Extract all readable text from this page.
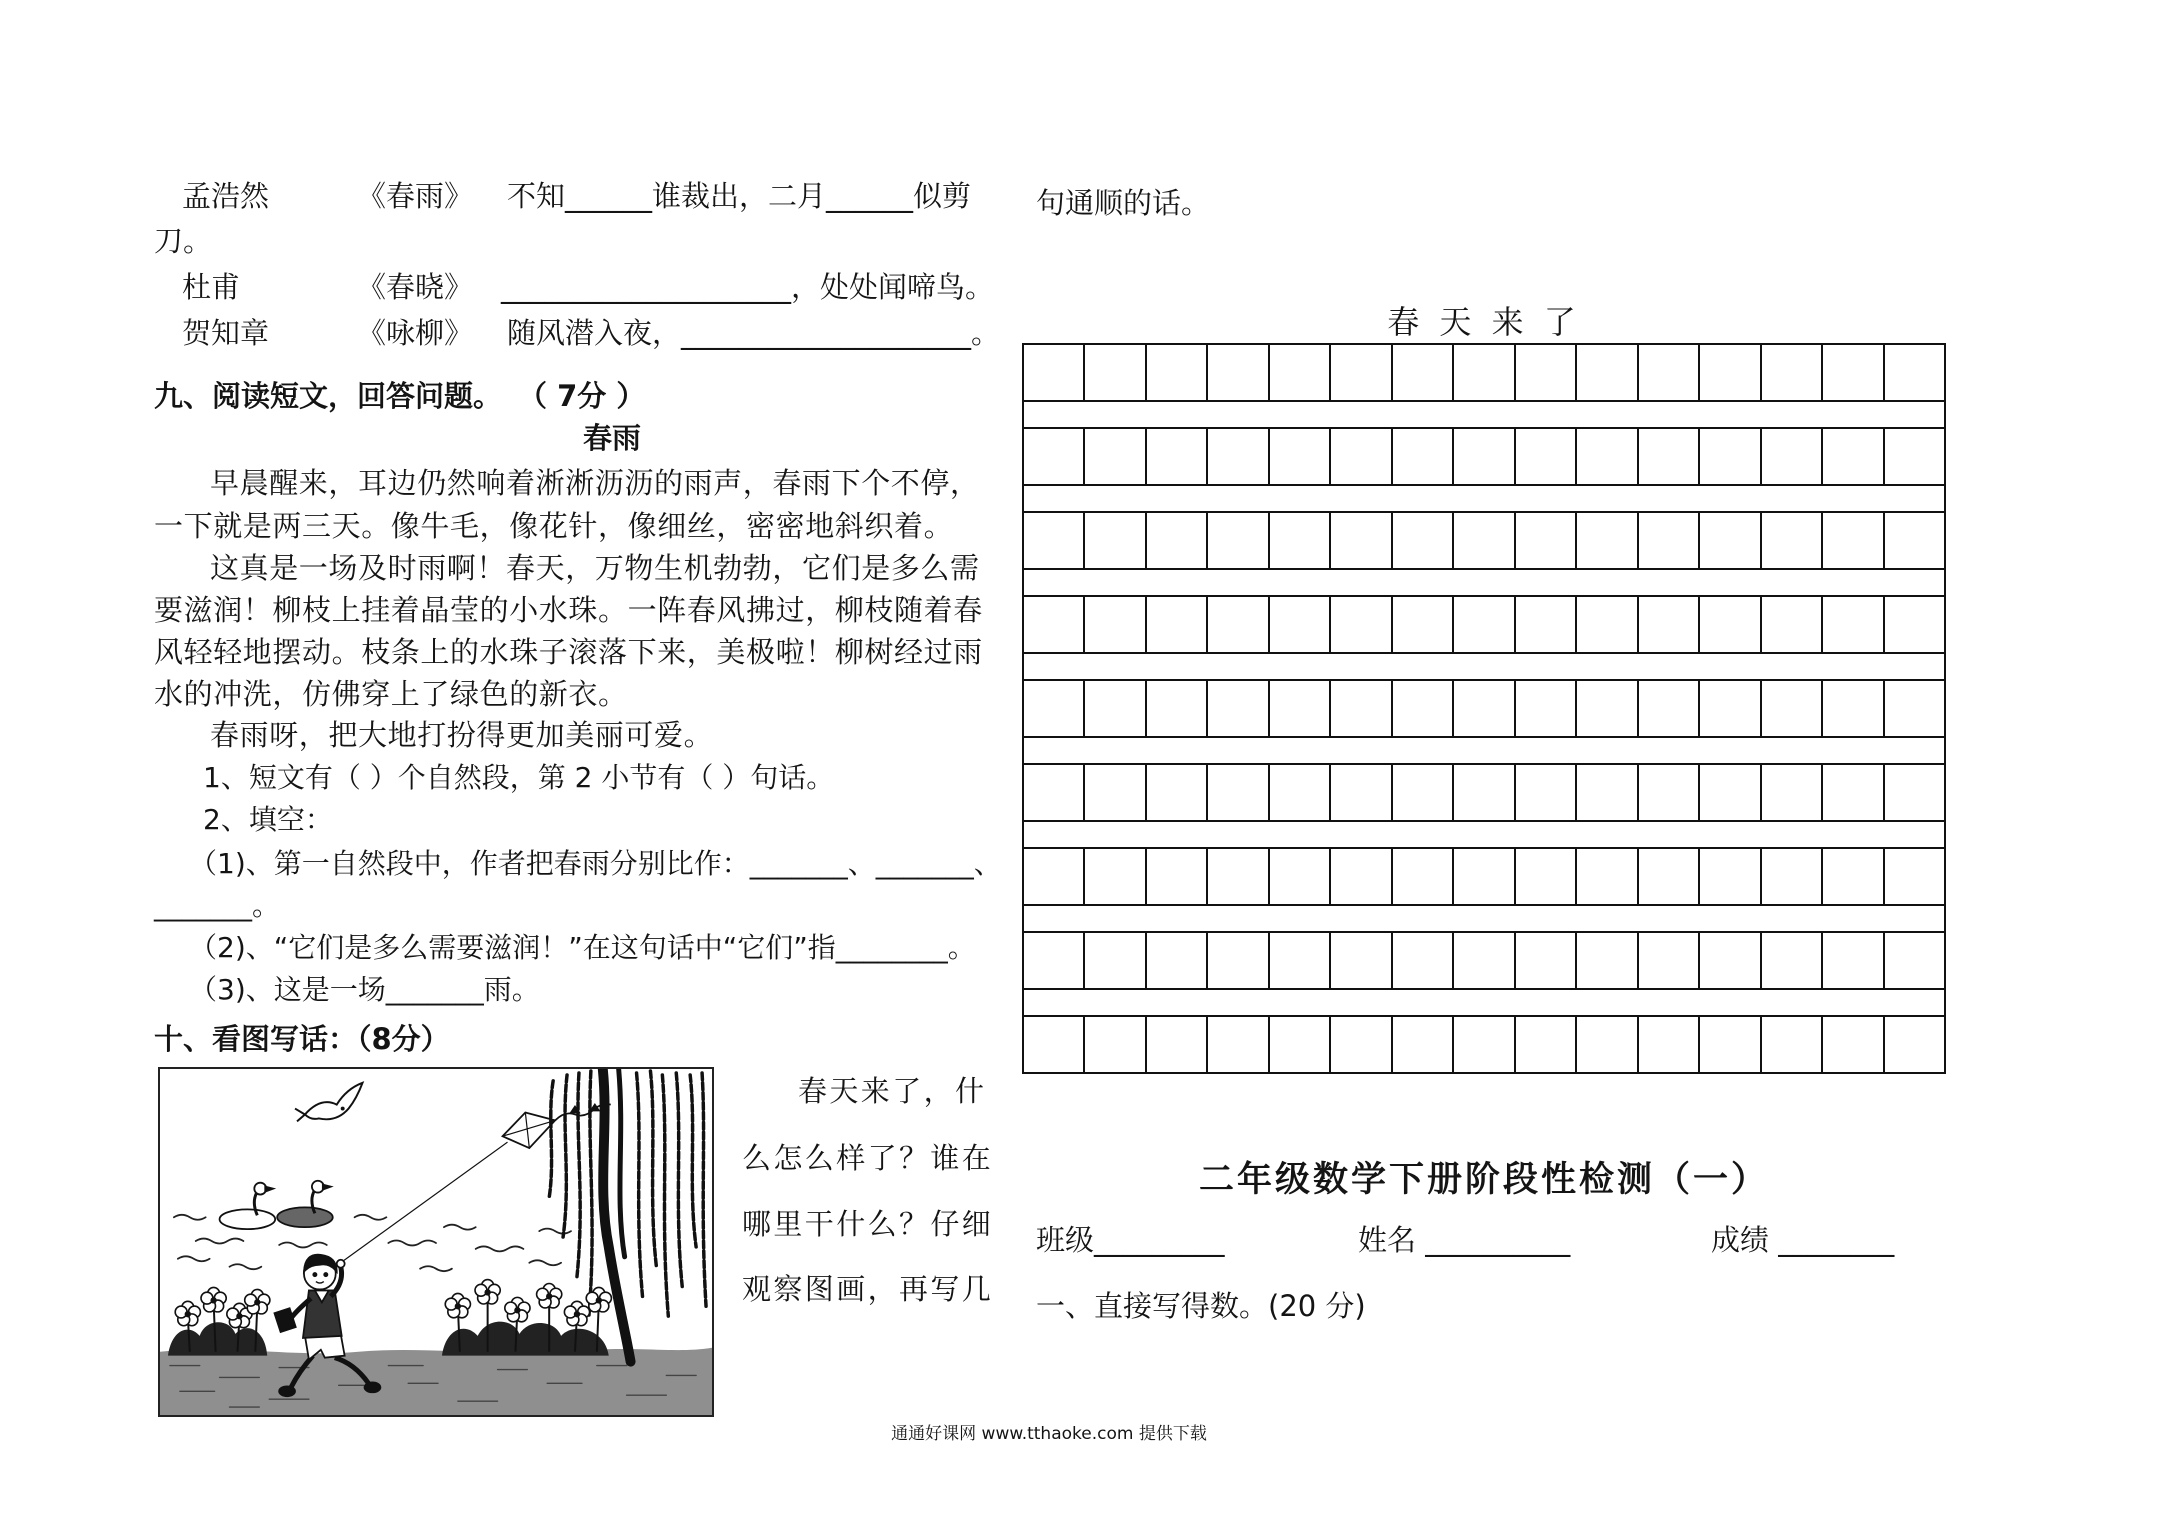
孟浩然	《春雨》 不知______谁裁出，二月______似剪
刀。
杜甫	《春晓》 ____________________，处处闻啼鸟。
贺知章	《咏柳》 随风潜入夜，____________________。
九、阅读短文，回答问题。 （ 7分 ）
春雨
早晨醒来，耳边仍然响着淅淅沥沥的雨声，春雨下个不停，
一下就是两三天。像牛毛，像花针，像细丝，密密地斜织着。
这真是一场及时雨啊！春天，万物生机勃勃，它们是多么需
要滋润！柳枝上挂着晶莹的小水珠。一阵春风拂过，柳枝随着春
风轻轻地摆动。枝条上的水珠子滚落下来，美极啦！柳树经过雨
水的冲洗，仿佛穿上了绿色的新衣。
春雨呀，把大地打扮得更加美丽可爱。
1、短文有（ ）个自然段，第 2 小节有（ ）句话。
2、填空：
（1)、第一自然段中，作者把春雨分别比作：_______、_______、
_______。
（2)、“它们是多么需要滋润！”在这句话中“它们”指________。
（3)、这是一场_______雨。
十、看图写话：（8分）
春天来了，什
么怎么样了？谁在
哪里干什么？仔细
观察图画，再写几
句通顺的话。
春 天 来 了
二年级数学下册阶段性检测（一）
班级_________	姓名 __________	成绩 ________
一、直接写得数。(20 分)
通通好课网 www.tthaoke.com 提供下载
